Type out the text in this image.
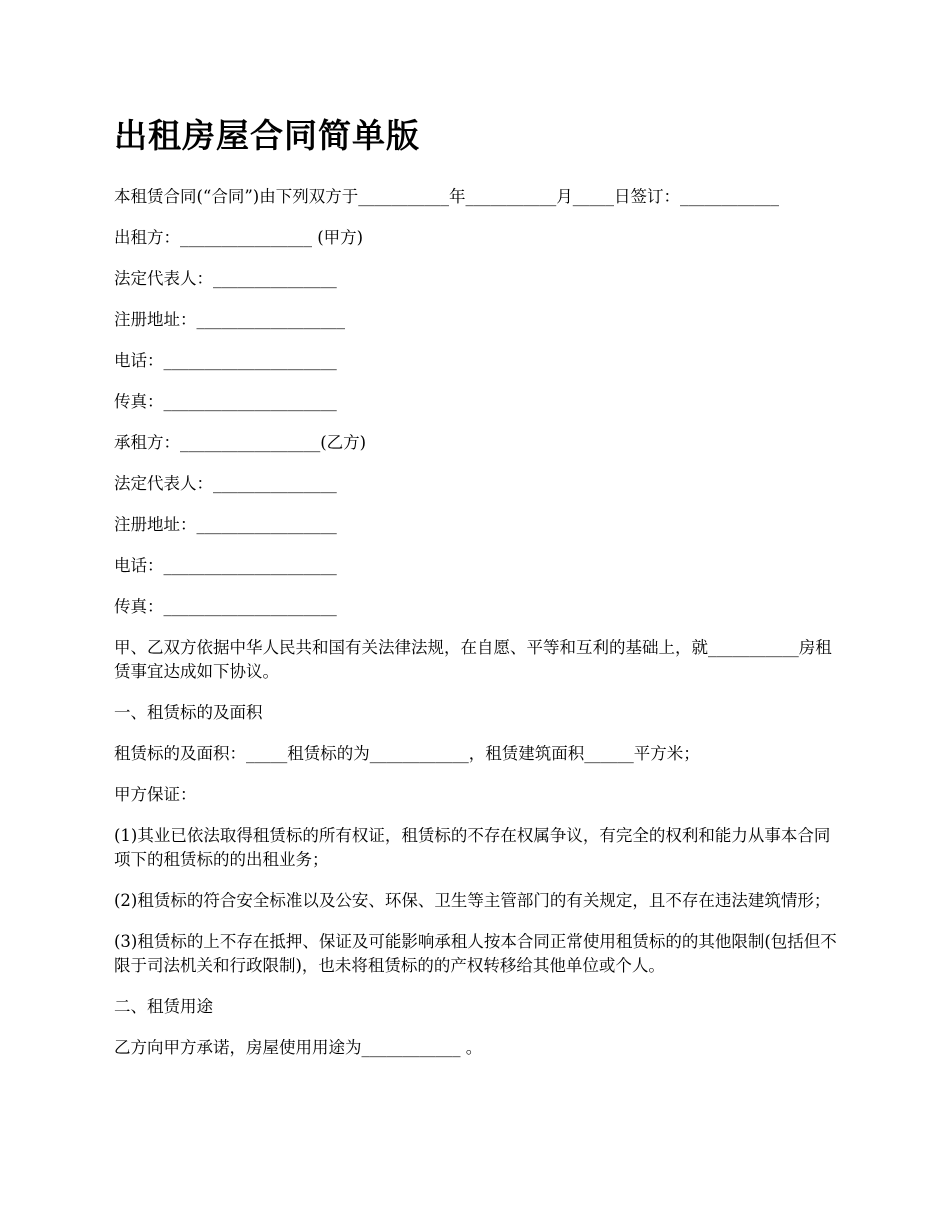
出租房屋合同简单版

本租赁合同(“合同”)由下列双方于___________年___________月_____日签订：____________

出租方：________________ (甲方)

法定代表人：_______________

注册地址：__________________

电话：_____________________

传真：_____________________

承租方：_________________(乙方)

法定代表人：_______________

注册地址：_________________

电话：_____________________

传真：_____________________

甲、乙双方依据中华人民共和国有关法律法规，在自愿、平等和互利的基础上，就___________房租赁事宜达成如下协议。

一、租赁标的及面积

租赁标的及面积：_____租赁标的为____________，租赁建筑面积______平方米；

甲方保证：

(1)其业已依法取得租赁标的所有权证，租赁标的不存在权属争议，有完全的权利和能力从事本合同项下的租赁标的的出租业务；

(2)租赁标的符合安全标准以及公安、环保、卫生等主管部门的有关规定，且不存在违法建筑情形；

(3)租赁标的上不存在抵押、保证及可能影响承租人按本合同正常使用租赁标的的其他限制(包括但不限于司法机关和行政限制)，也未将租赁标的的产权转移给其他单位或个人。

二、租赁用途

乙方向甲方承诺，房屋使用用途为____________ 。
